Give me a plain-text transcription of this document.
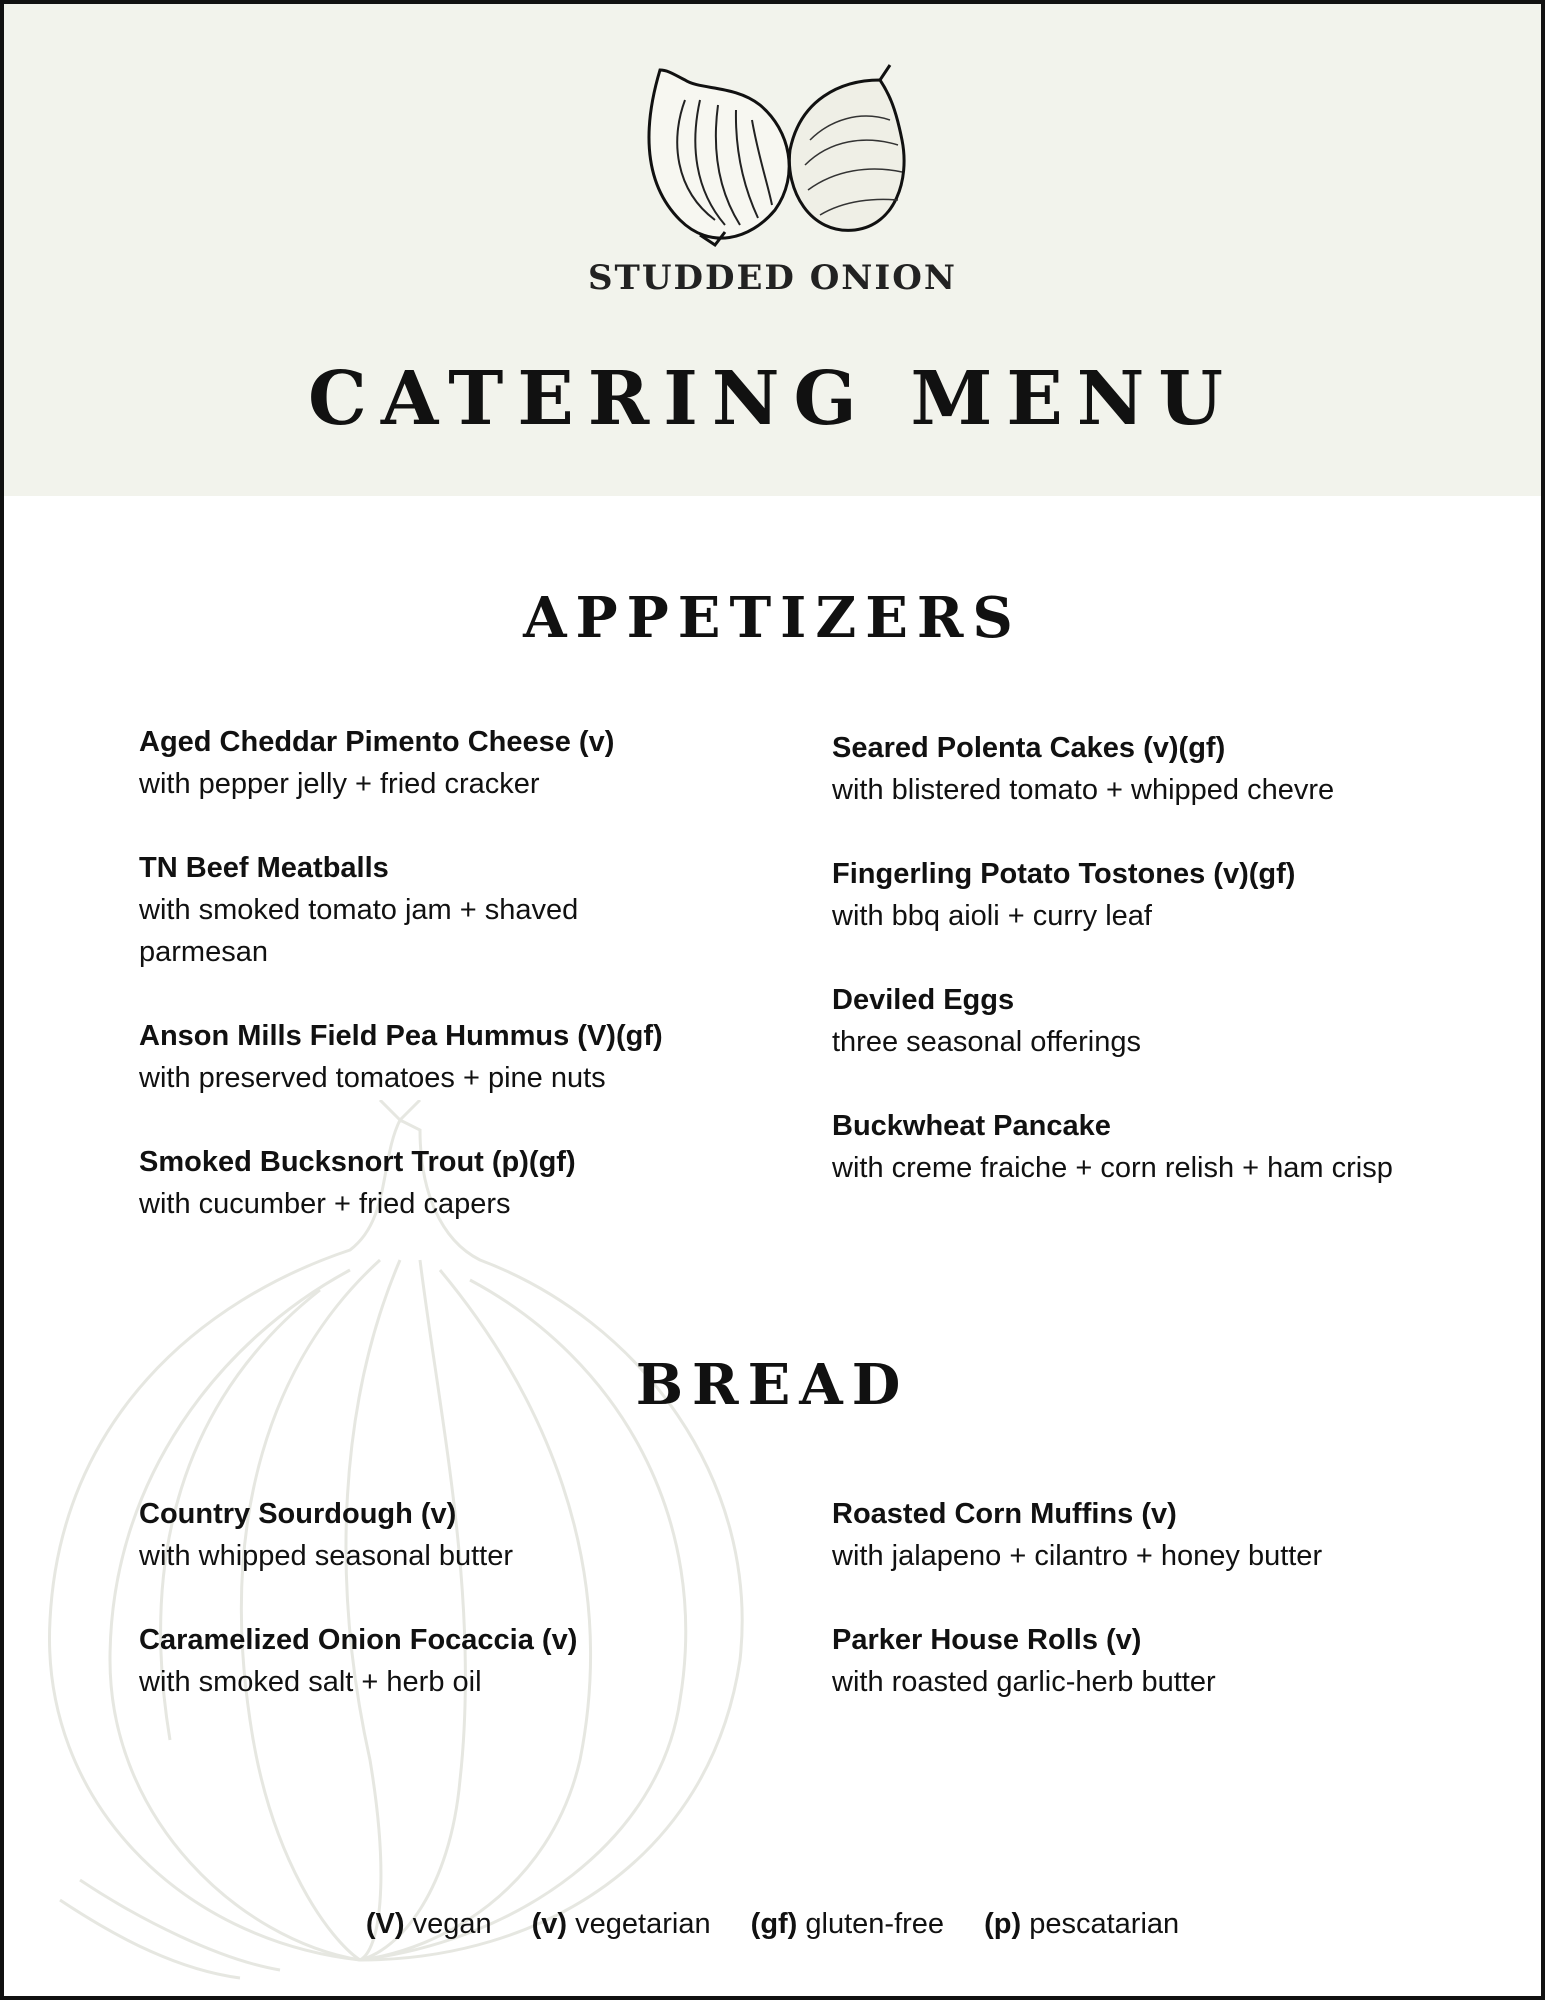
STUDDED ONION
CATERING MENU
APPETIZERS
Aged Cheddar Pimento Cheese (v)
with pepper jelly + fried cracker
TN Beef Meatballs
with smoked tomato jam + shaved parmesan
Anson Mills Field Pea Hummus (V)(gf)
with preserved tomatoes + pine nuts
Smoked Bucksnort Trout (p)(gf)
with cucumber + fried capers
Seared Polenta Cakes (v)(gf)
with blistered tomato + whipped chevre
Fingerling Potato Tostones (v)(gf)
with bbq aioli + curry leaf
Deviled Eggs
three seasonal offerings
Buckwheat Pancake
with creme fraiche + corn relish + ham crisp
BREAD
Country Sourdough (v)
with whipped seasonal butter
Caramelized Onion Focaccia (v)
with smoked salt + herb oil
Roasted Corn Muffins (v)
with jalapeno + cilantro + honey butter
Parker House Rolls (v)
with roasted garlic-herb butter
(V) vegan (v) vegetarian (gf) gluten-free (p) pescatarian
